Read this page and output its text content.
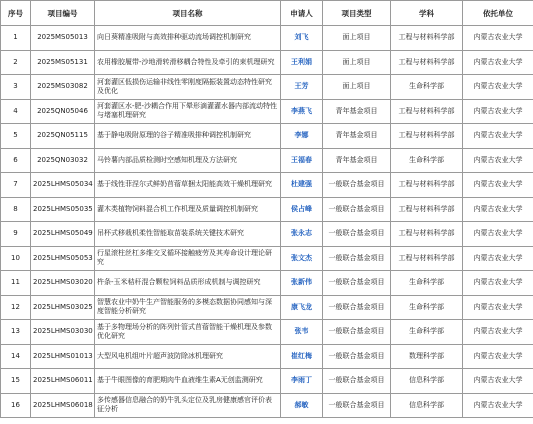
序号	项目编号	项目名称	申请人	项目类型	学科	依托单位
1	2025MS05013	向日葵精准吸附与高效排种驱动流场调控机制研究	刘飞	面上项目	工程与材料科学部	内蒙古农业大学
2	2025MS05131	农用橡胶履带-沙地滑转滑移耦合特性及牵引的束机理研究	王利娟	面上项目	工程与材料科学部	内蒙古农业大学
3	2025MS03082	河套灌区低损伤运输非线性零刚度隔振装置动态特性研究及优化	王芳	面上项目	生命科学部	内蒙古农业大学
4	2025QN05046	河套灌区水-肥-沙耦合作用下晕形滴灌灌水器内部流动特性与堵塞机理研究	李燕飞	青年基金项目	工程与材料科学部	内蒙古农业大学
5	2025QN05115	基于静电吸附原理的谷子精准吸排种调控机制研究	李娜	青年基金项目	工程与材料科学部	内蒙古农业大学
6	2025QN03032	马铃薯内部品质检测时空感知机理及方法研究	王福春	青年基金项目	生命科学部	内蒙古农业大学
7	2025LHMS05034	基于线性菲涅尔式鲜奶苜蓿草捆太阳能高效干燥机理研究	杜建强	一般联合基金项目	工程与材料科学部	内蒙古农业大学
8	2025LHMS05035	灌木类植物饲料混合机工作机理及质量调控机制研究	侯占峰	一般联合基金项目	工程与材料科学部	内蒙古农业大学
9	2025LHMS05049	吊杯式移栽机柔性智能取苗装系统关键技术研究	张永志	一般联合基金项目	工程与材料科学部	内蒙古农业大学
10	2025LHMS05053	行星滚柱丝杠多维交叉循环接触疲劳及其寿命设计理论研究	张文杰	一般联合基金项目	工程与材料科学部	内蒙古农业大学
11	2025LHMS03020	杵条-玉米秸秆混合颗粒饲料品质形成机制与调控研究	张新伟	一般联合基金项目	生命科学部	内蒙古农业大学
12	2025LHMS03025	智慧农业中奶牛生产智能服务的多模态数据协同感知与深度智能分析研究	康飞龙	一般联合基金项目	生命科学部	内蒙古农业大学
13	2025LHMS03030	基于多物理场分析的阵列针管式苜蓿智能干燥机理及参数优化研究	张韦	一般联合基金项目	生命科学部	内蒙古农业大学
14	2025LHMS01013	大型风电机组叶片超声波防除冰机理研究	崔红梅	一般联合基金项目	数理科学部	内蒙古农业大学
15	2025LHMS06011	基于牛眼图像的育肥期肉牛血液维生素A无创监测研究	李雨丁	一般联合基金项目	信息科学部	内蒙古农业大学
16	2025LHMS06018	多传感器信息融合的奶牛乳头定位及乳房健康感官评价表征分析	郝敏	一般联合基金项目	信息科学部	内蒙古农业大学
